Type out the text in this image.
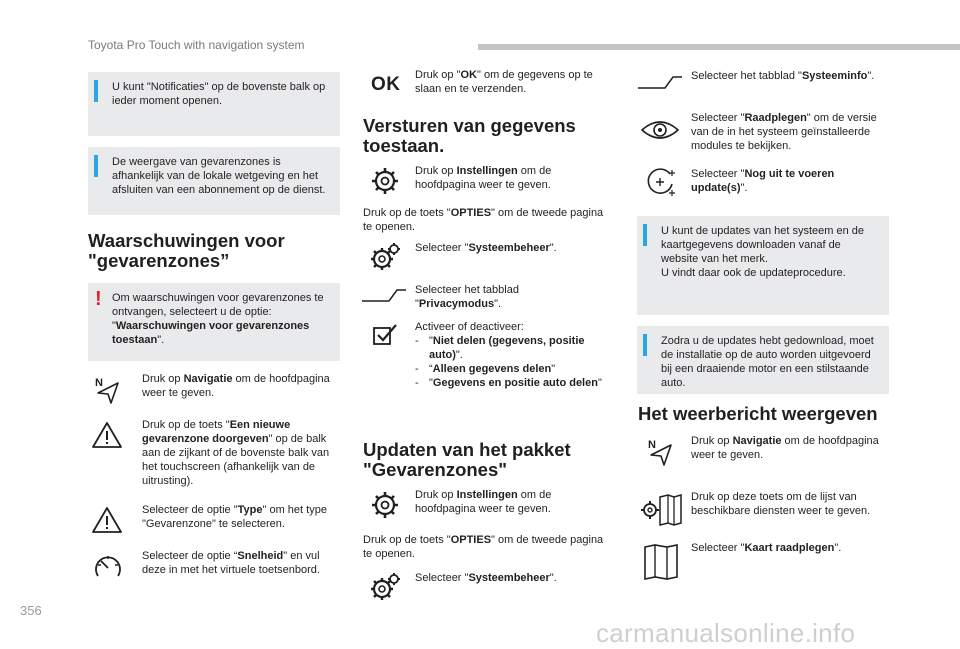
Toyota Pro Touch with navigation system
U kunt "Notificaties" op de bovenste balk op ieder moment openen.
De weergave van gevarenzones is afhankelijk van de lokale wetgeving en het afsluiten van een abonnement op de dienst.
Waarschuwingen voor "gevarenzones”
! Om waarschuwingen voor gevarenzones te ontvangen, selecteert u de optie: "Waarschuwingen voor gevarenzones toestaan".
N	Druk op Navigatie om de hoofdpagina weer te geven.
Druk op de toets "Een nieuwe gevarenzone doorgeven" op de balk aan de zijkant of de bovenste balk van het touchscreen (afhankelijk van de uitrusting).
Selecteer de optie "Type" om het type "Gevarenzone" te selecteren.
Selecteer de optie “Snelheid" en vul deze in met het virtuele toetsenbord.
OK Druk op "OK" om de gegevens op te slaan en te verzenden.
Versturen van gegevens toestaan.
Druk op Instellingen om de hoofdpagina weer te geven.
Druk op de toets "OPTIES" om de tweede pagina te openen.
Selecteer "Systeembeheer".
Selecteer het tabblad "Privacymodus".
Activeer of deactiveer:
- "Niet delen (gegevens, positie auto)".
- “Alleen gegevens delen"
- "Gegevens en positie auto delen"
Updaten van het pakket "Gevarenzones"
Druk op Instellingen om de hoofdpagina weer te geven.
Druk op de toets "OPTIES" om de tweede pagina te openen.
Selecteer "Systeembeheer".
Selecteer het tabblad "Systeeminfo".
Selecteer "Raadplegen" om de versie van de in het systeem geïnstalleerde modules te bekijken.
Selecteer "Nog uit te voeren update(s)".
U kunt de updates van het systeem en de kaartgegevens downloaden vanaf de website van het merk.
U vindt daar ook de updateprocedure.
Zodra u de updates hebt gedownload, moet de installatie op de auto worden uitgevoerd bij een draaiende motor en een stilstaande auto.
Het weerbericht weergeven
N	Druk op Navigatie om de hoofdpagina weer te geven.
Druk op deze toets om de lijst van beschikbare diensten weer te geven.
Selecteer "Kaart raadplegen".
356
carmanualsonline.info
